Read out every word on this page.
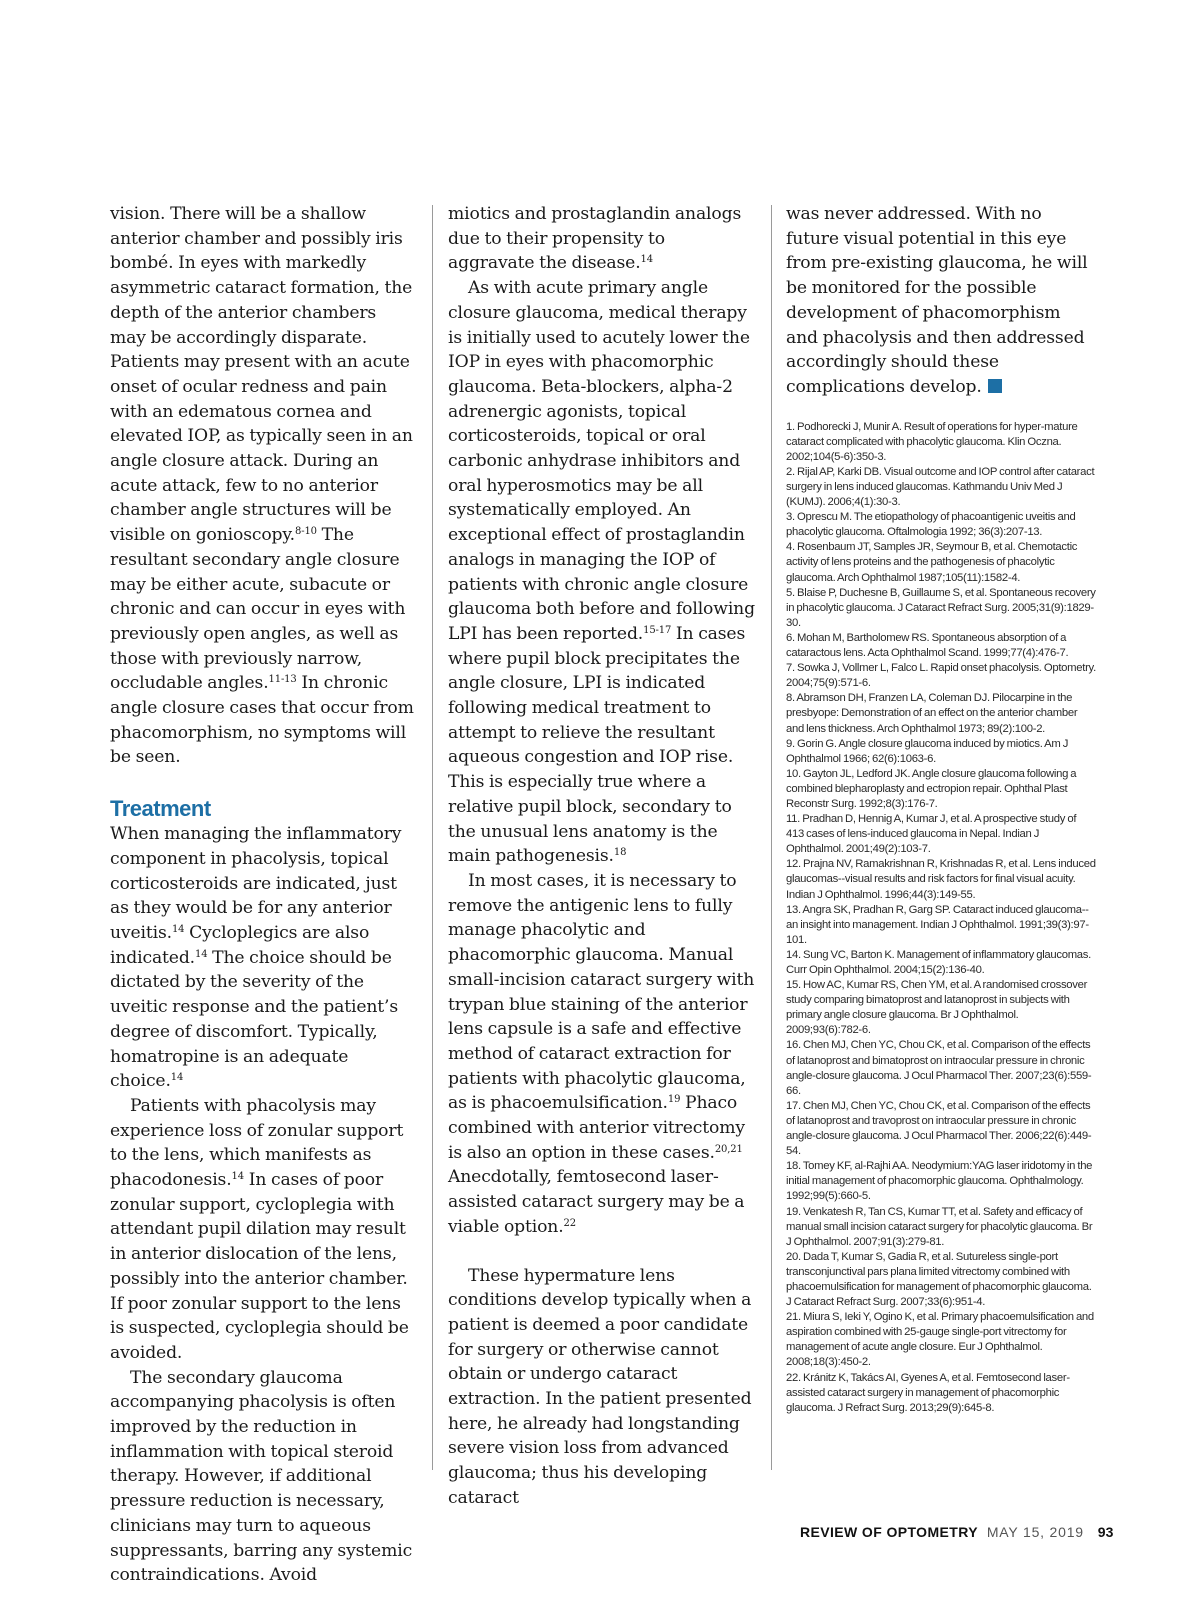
vision. There will be a shallow anterior chamber and possibly iris bombé. In eyes with markedly asymmetric cataract formation, the depth of the anterior chambers may be accordingly disparate. Patients may present with an acute onset of ocular redness and pain with an edematous cornea and elevated IOP, as typically seen in an angle closure attack. During an acute attack, few to no anterior chamber angle structures will be visible on gonioscopy.$^{8-10}$ The resultant secondary angle closure may be either acute, subacute or chronic and can occur in eyes with previously open angles, as well as those with previously narrow, occludable angles.$^{11-13}$ In chronic angle closure cases that occur from phacomorphism, no symptoms will be seen.

Treatment

When managing the inflammatory component in phacolysis, topical corticosteroids are indicated, just as they would be for any anterior uveitis.$^{14}$ Cycloplegics are also indicated.$^{14}$ The choice should be dictated by the severity of the uveitic response and the patient’s degree of discomfort. Typically, homatropine is an adequate choice.$^{14}$

Patients with phacolysis may experience loss of zonular support to the lens, which manifests as phacodonesis.$^{14}$ In cases of poor zonular support, cycloplegia with attendant pupil dilation may result in anterior dislocation of the lens, possibly into the anterior chamber. If poor zonular support to the lens is suspected, cycloplegia should be avoided.

The secondary glaucoma accompanying phacolysis is often improved by the reduction in inflammation with topical steroid therapy. However, if additional pressure reduction is necessary, clinicians may turn to aqueous suppressants, barring any systemic contraindications. Avoid

miotics and prostaglandin analogs due to their propensity to aggravate the disease.$^{14}$

As with acute primary angle closure glaucoma, medical therapy is initially used to acutely lower the IOP in eyes with phacomorphic glaucoma. Beta-blockers, alpha-2 adrenergic agonists, topical corticosteroids, topical or oral carbonic anhydrase inhibitors and oral hyperosmotics may be all systematically employed. An exceptional effect of prostaglandin analogs in managing the IOP of patients with chronic angle closure glaucoma both before and following LPI has been reported.$^{15-17}$ In cases where pupil block precipitates the angle closure, LPI is indicated following medical treatment to attempt to relieve the resultant aqueous congestion and IOP rise. This is especially true where a relative pupil block, secondary to the unusual lens anatomy is the main pathogenesis.$^{18}$

In most cases, it is necessary to remove the antigenic lens to fully manage phacolytic and phacomorphic glaucoma. Manual small-incision cataract surgery with trypan blue staining of the anterior lens capsule is a safe and effective method of cataract extraction for patients with phacolytic glaucoma, as is phacoemulsification.$^{19}$ Phaco combined with anterior vitrectomy is also an option in these cases.$^{20,21}$ Anecdotally, femtosecond laser-assisted cataract surgery may be a viable option.$^{22}$

These hypermature lens conditions develop typically when a patient is deemed a poor candidate for surgery or otherwise cannot obtain or undergo cataract extraction. In the patient presented here, he already had longstanding severe vision loss from advanced glaucoma; thus his developing cataract

was never addressed. With no future visual potential in this eye from pre-existing glaucoma, he will be monitored for the possible development of phacomorphism and phacolysis and then addressed accordingly should these complications develop.

1. Podhorecki J, Munir A. Result of operations for hyper-mature cataract complicated with phacolytic glaucoma. Klin Oczna. 2002;104(5-6):350-3.
2. Rijal AP, Karki DB. Visual outcome and IOP control after cataract surgery in lens induced glaucomas. Kathmandu Univ Med J (KUMJ). 2006;4(1):30-3.
3. Oprescu M. The etiopathology of phacoantigenic uveitis and phacolytic glaucoma. Oftalmologia 1992; 36(3):207-13.
4. Rosenbaum JT, Samples JR, Seymour B, et al. Chemotactic activity of lens proteins and the pathogenesis of phacolytic glaucoma. Arch Ophthalmol 1987;105(11):1582-4.
5. Blaise P, Duchesne B, Guillaume S, et al. Spontaneous recovery in phacolytic glaucoma. J Cataract Refract Surg. 2005;31(9):1829-30.
6. Mohan M, Bartholomew RS. Spontaneous absorption of a cataractous lens. Acta Ophthalmol Scand. 1999;77(4):476-7.
7. Sowka J, Vollmer L, Falco L. Rapid onset phacolysis. Optometry. 2004;75(9):571-6.
8. Abramson DH, Franzen LA, Coleman DJ. Pilocarpine in the presbyope: Demonstration of an effect on the anterior chamber and lens thickness. Arch Ophthalmol 1973; 89(2):100-2.
9. Gorin G. Angle closure glaucoma induced by miotics. Am J Ophthalmol 1966; 62(6):1063-6.
10. Gayton JL, Ledford JK. Angle closure glaucoma following a combined blepharoplasty and ectropion repair. Ophthal Plast Reconstr Surg. 1992;8(3):176-7.
11. Pradhan D, Hennig A, Kumar J, et al. A prospective study of 413 cases of lens-induced glaucoma in Nepal. Indian J Ophthalmol. 2001;49(2):103-7.
12. Prajna NV, Ramakrishnan R, Krishnadas R, et al. Lens induced glaucomas--visual results and risk factors for final visual acuity. Indian J Ophthalmol. 1996;44(3):149-55.
13. Angra SK, Pradhan R, Garg SP. Cataract induced glaucoma--an insight into management. Indian J Ophthalmol. 1991;39(3):97-101.
14. Sung VC, Barton K. Management of inflammatory glaucomas. Curr Opin Ophthalmol. 2004;15(2):136-40.
15. How AC, Kumar RS, Chen YM, et al. A randomised crossover study comparing bimatoprost and latanoprost in subjects with primary angle closure glaucoma. Br J Ophthalmol. 2009;93(6):782-6.
16. Chen MJ, Chen YC, Chou CK, et al. Comparison of the effects of latanoprost and bimatoprost on intraocular pressure in chronic angle-closure glaucoma. J Ocul Pharmacol Ther. 2007;23(6):559-66.
17. Chen MJ, Chen YC, Chou CK, et al. Comparison of the effects of latanoprost and travoprost on intraocular pressure in chronic angle-closure glaucoma. J Ocul Pharmacol Ther. 2006;22(6):449-54.
18. Tomey KF, al-Rajhi AA. Neodymium:YAG laser iridotomy in the initial management of phacomorphic glaucoma. Ophthalmology. 1992;99(5):660-5.
19. Venkatesh R, Tan CS, Kumar TT, et al. Safety and efficacy of manual small incision cataract surgery for phacolytic glaucoma. Br J Ophthalmol. 2007;91(3):279-81.
20. Dada T, Kumar S, Gadia R, et al. Sutureless single-port transconjunctival pars plana limited vitrectomy combined with phacoemulsification for management of phacomorphic glaucoma. J Cataract Refract Surg. 2007;33(6):951-4.
21. Miura S, Ieki Y, Ogino K, et al. Primary phacoemulsification and aspiration combined with 25-gauge single-port vitrectomy for management of acute angle closure. Eur J Ophthalmol. 2008;18(3):450-2.
22. Kránitz K, Takács AI, Gyenes A, et al. Femtosecond laser-assisted cataract surgery in management of phacomorphic glaucoma. J Refract Surg. 2013;29(9):645-8.
REVIEW OF OPTOMETRY MAY 15, 2019 93
